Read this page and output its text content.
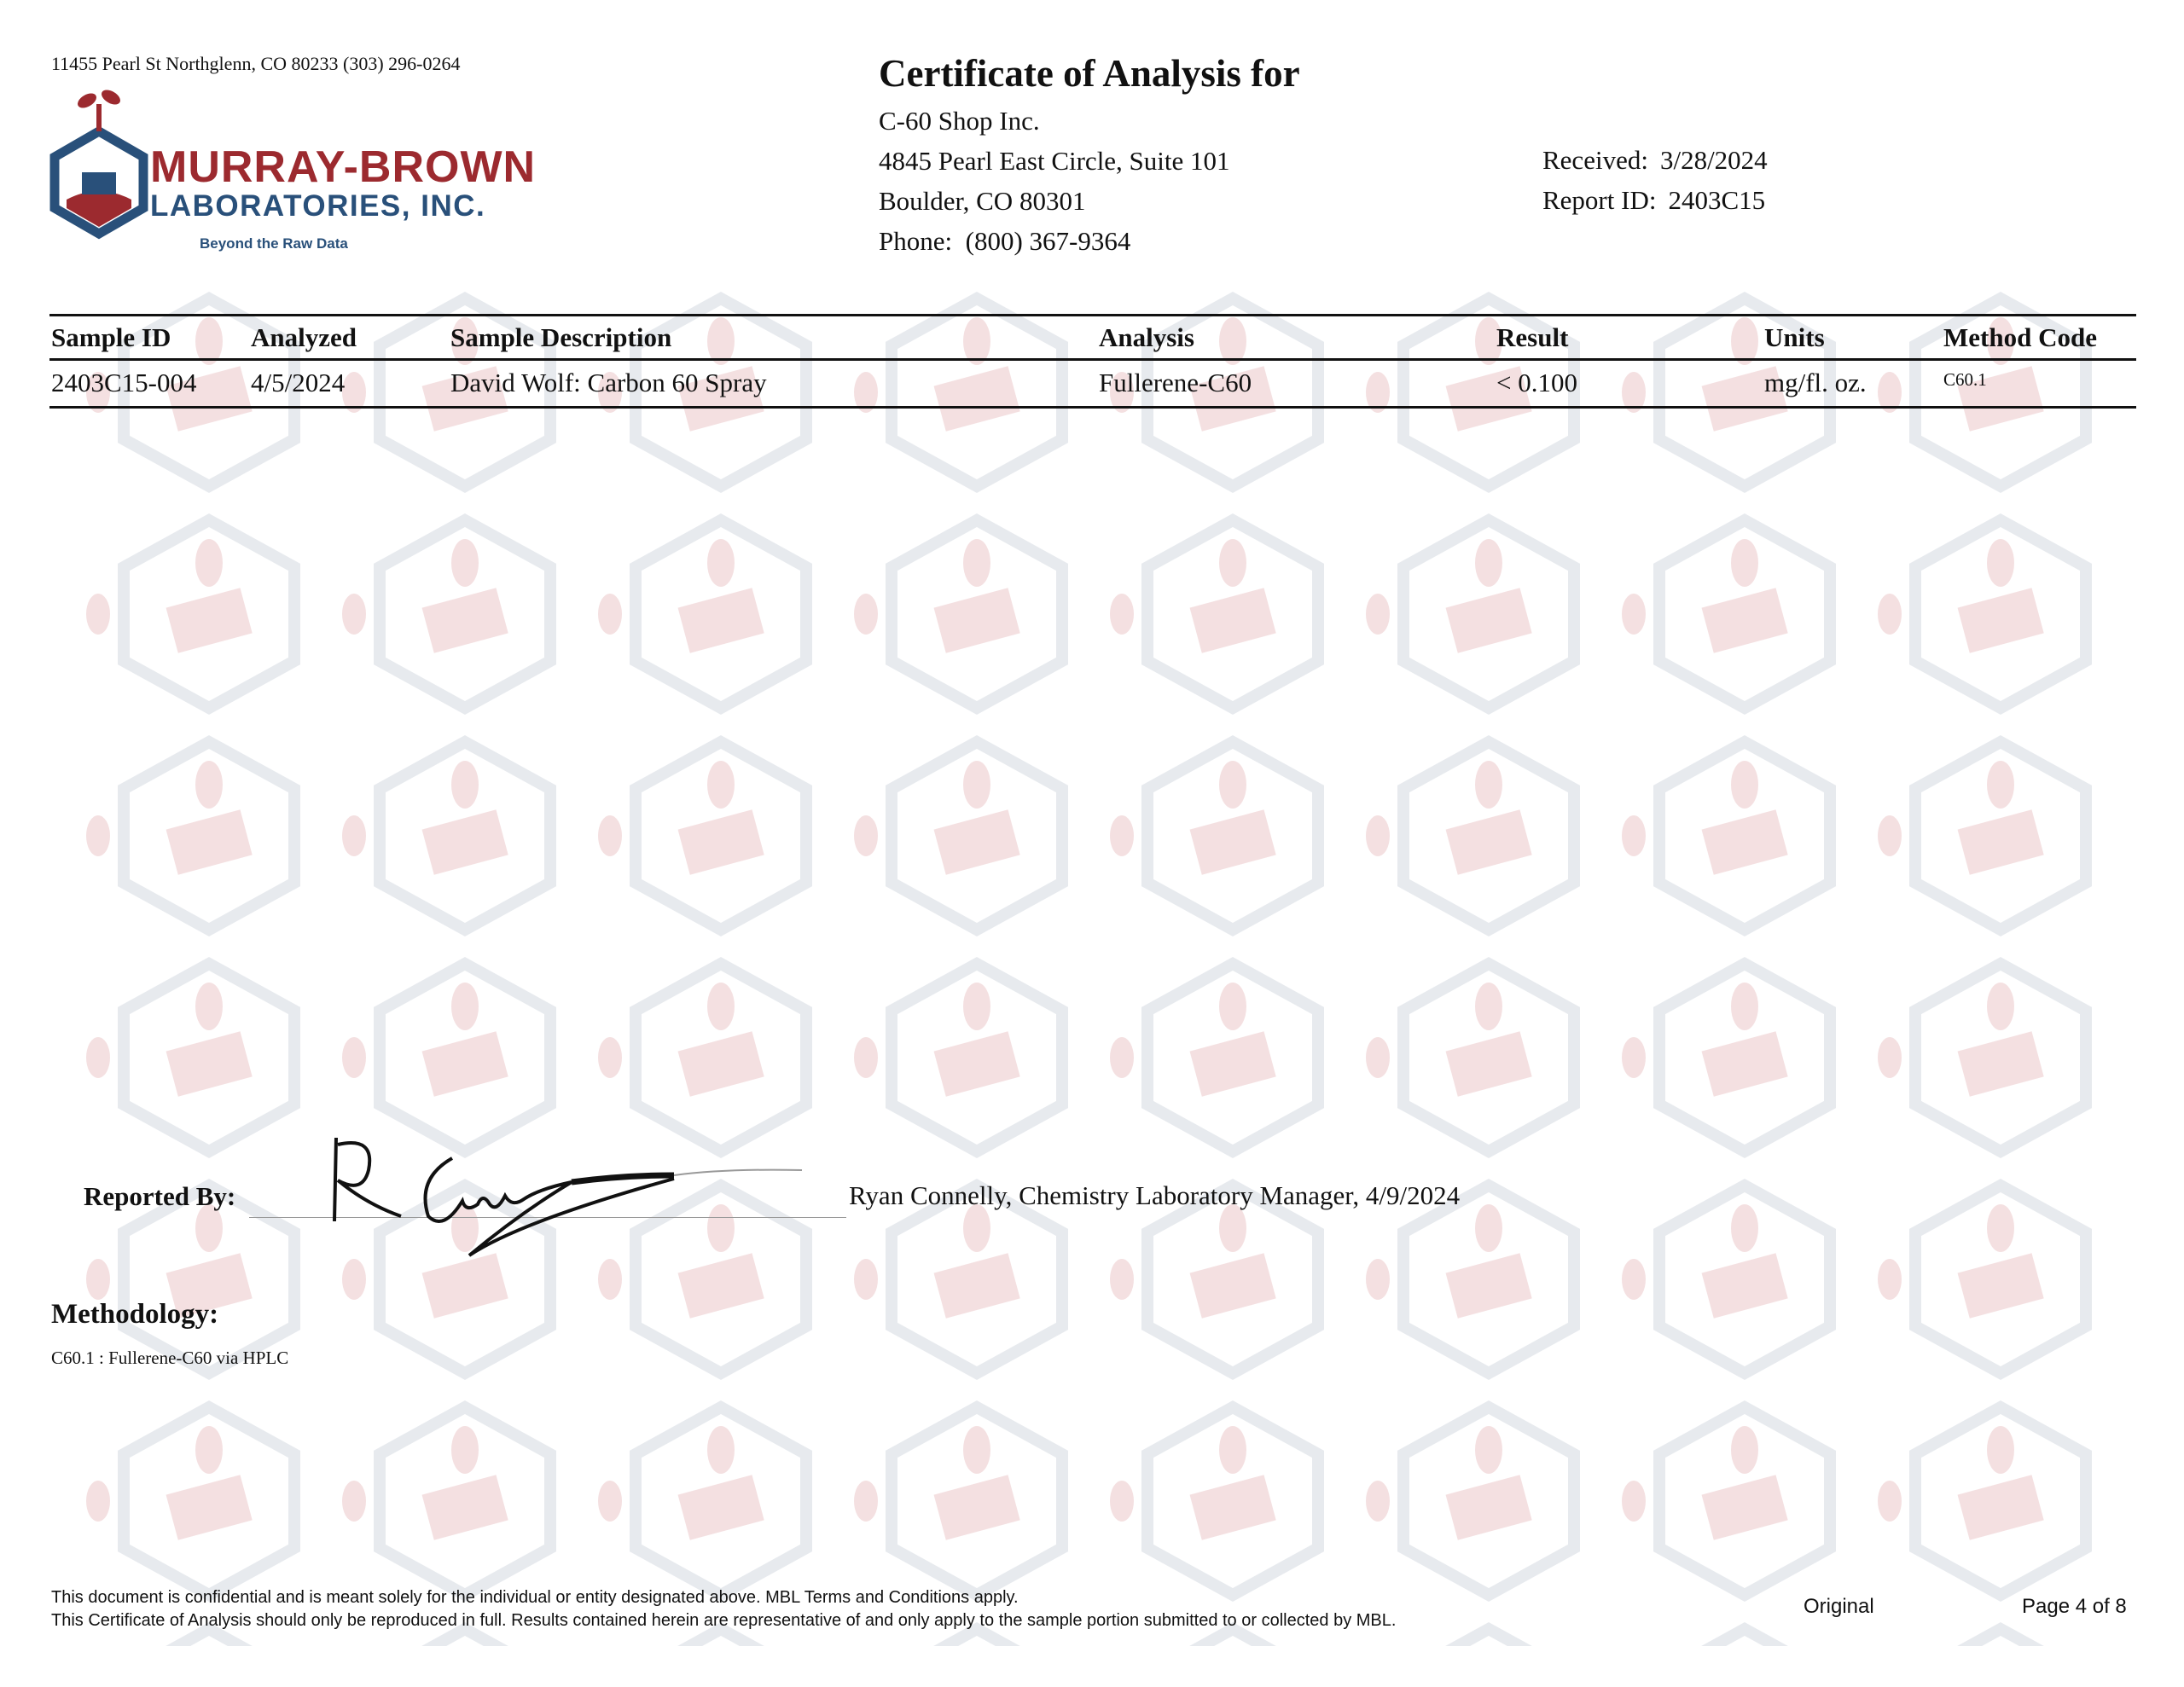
11455 Pearl St Northglenn, CO 80233 (303) 296-0264
MURRAY-BROWN
LABORATORIES, INC.
Beyond the Raw Data
Certificate of Analysis for
C-60 Shop Inc.
4845 Pearl East Circle, Suite 101
Boulder, CO 80301
Phone: (800) 367-9364
Received: 3/28/2024
Report ID: 2403C15
Sample ID	Analyzed	Sample Description	Analysis	Result	Units	Method Code
2403C15-004	4/5/2024	David Wolf: Carbon 60 Spray	Fullerene-C60	< 0.100	mg/fl. oz.	C60.1
Reported By:	Ryan Connelly, Chemistry Laboratory Manager, 4/9/2024
Methodology:
C60.1 : Fullerene-C60 via HPLC
This document is confidential and is meant solely for the individual or entity designated above. MBL Terms and Conditions apply.
This Certificate of Analysis should only be reproduced in full. Results contained herein are representative of and only apply to the sample portion submitted to or collected by MBL.
Original	Page 4 of 8
